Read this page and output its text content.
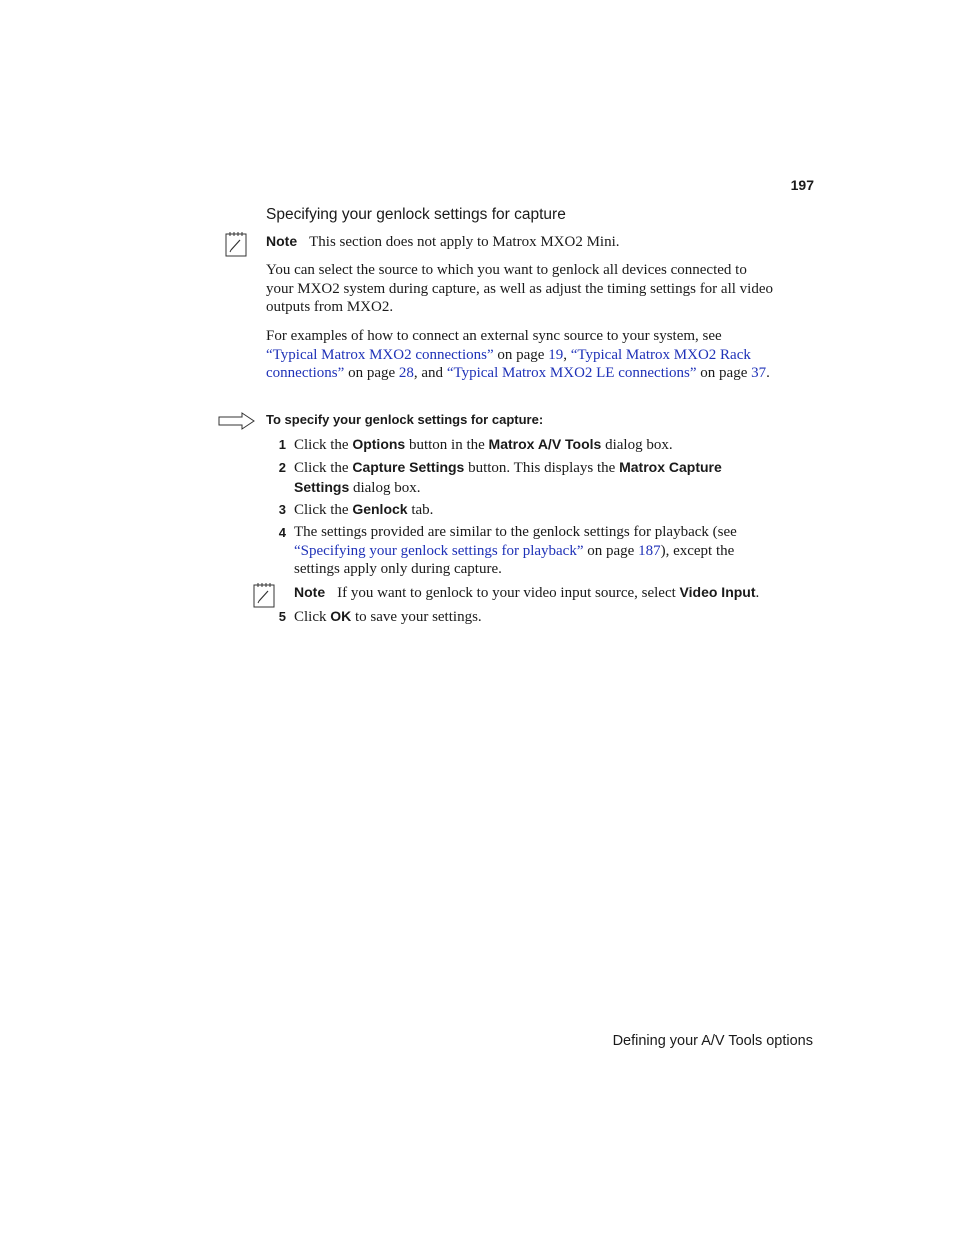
197
Specifying your genlock settings for capture
Note This section does not apply to Matrox MXO2 Mini.

You can select the source to which you want to genlock all devices connected to your MXO2 system during capture, as well as adjust the timing settings for all video outputs from MXO2.

For examples of how to connect an external sync source to your system, see “Typical Matrox MXO2 connections” on page 19, “Typical Matrox MXO2 Rack connections” on page 28, and “Typical Matrox MXO2 LE connections” on page 37.

To specify your genlock settings for capture:
1 Click the Options button in the Matrox A/V Tools dialog box.

2 Click the Capture Settings button. This displays the Matrox Capture Settings dialog box.

3 Click the Genlock tab.

4 The settings provided are similar to the genlock settings for playback (see “Specifying your genlock settings for playback” on page 187), except the settings apply only during capture.

Note If you want to genlock to your video input source, select Video Input.
5 Click OK to save your settings.

Defining your A/V Tools options
